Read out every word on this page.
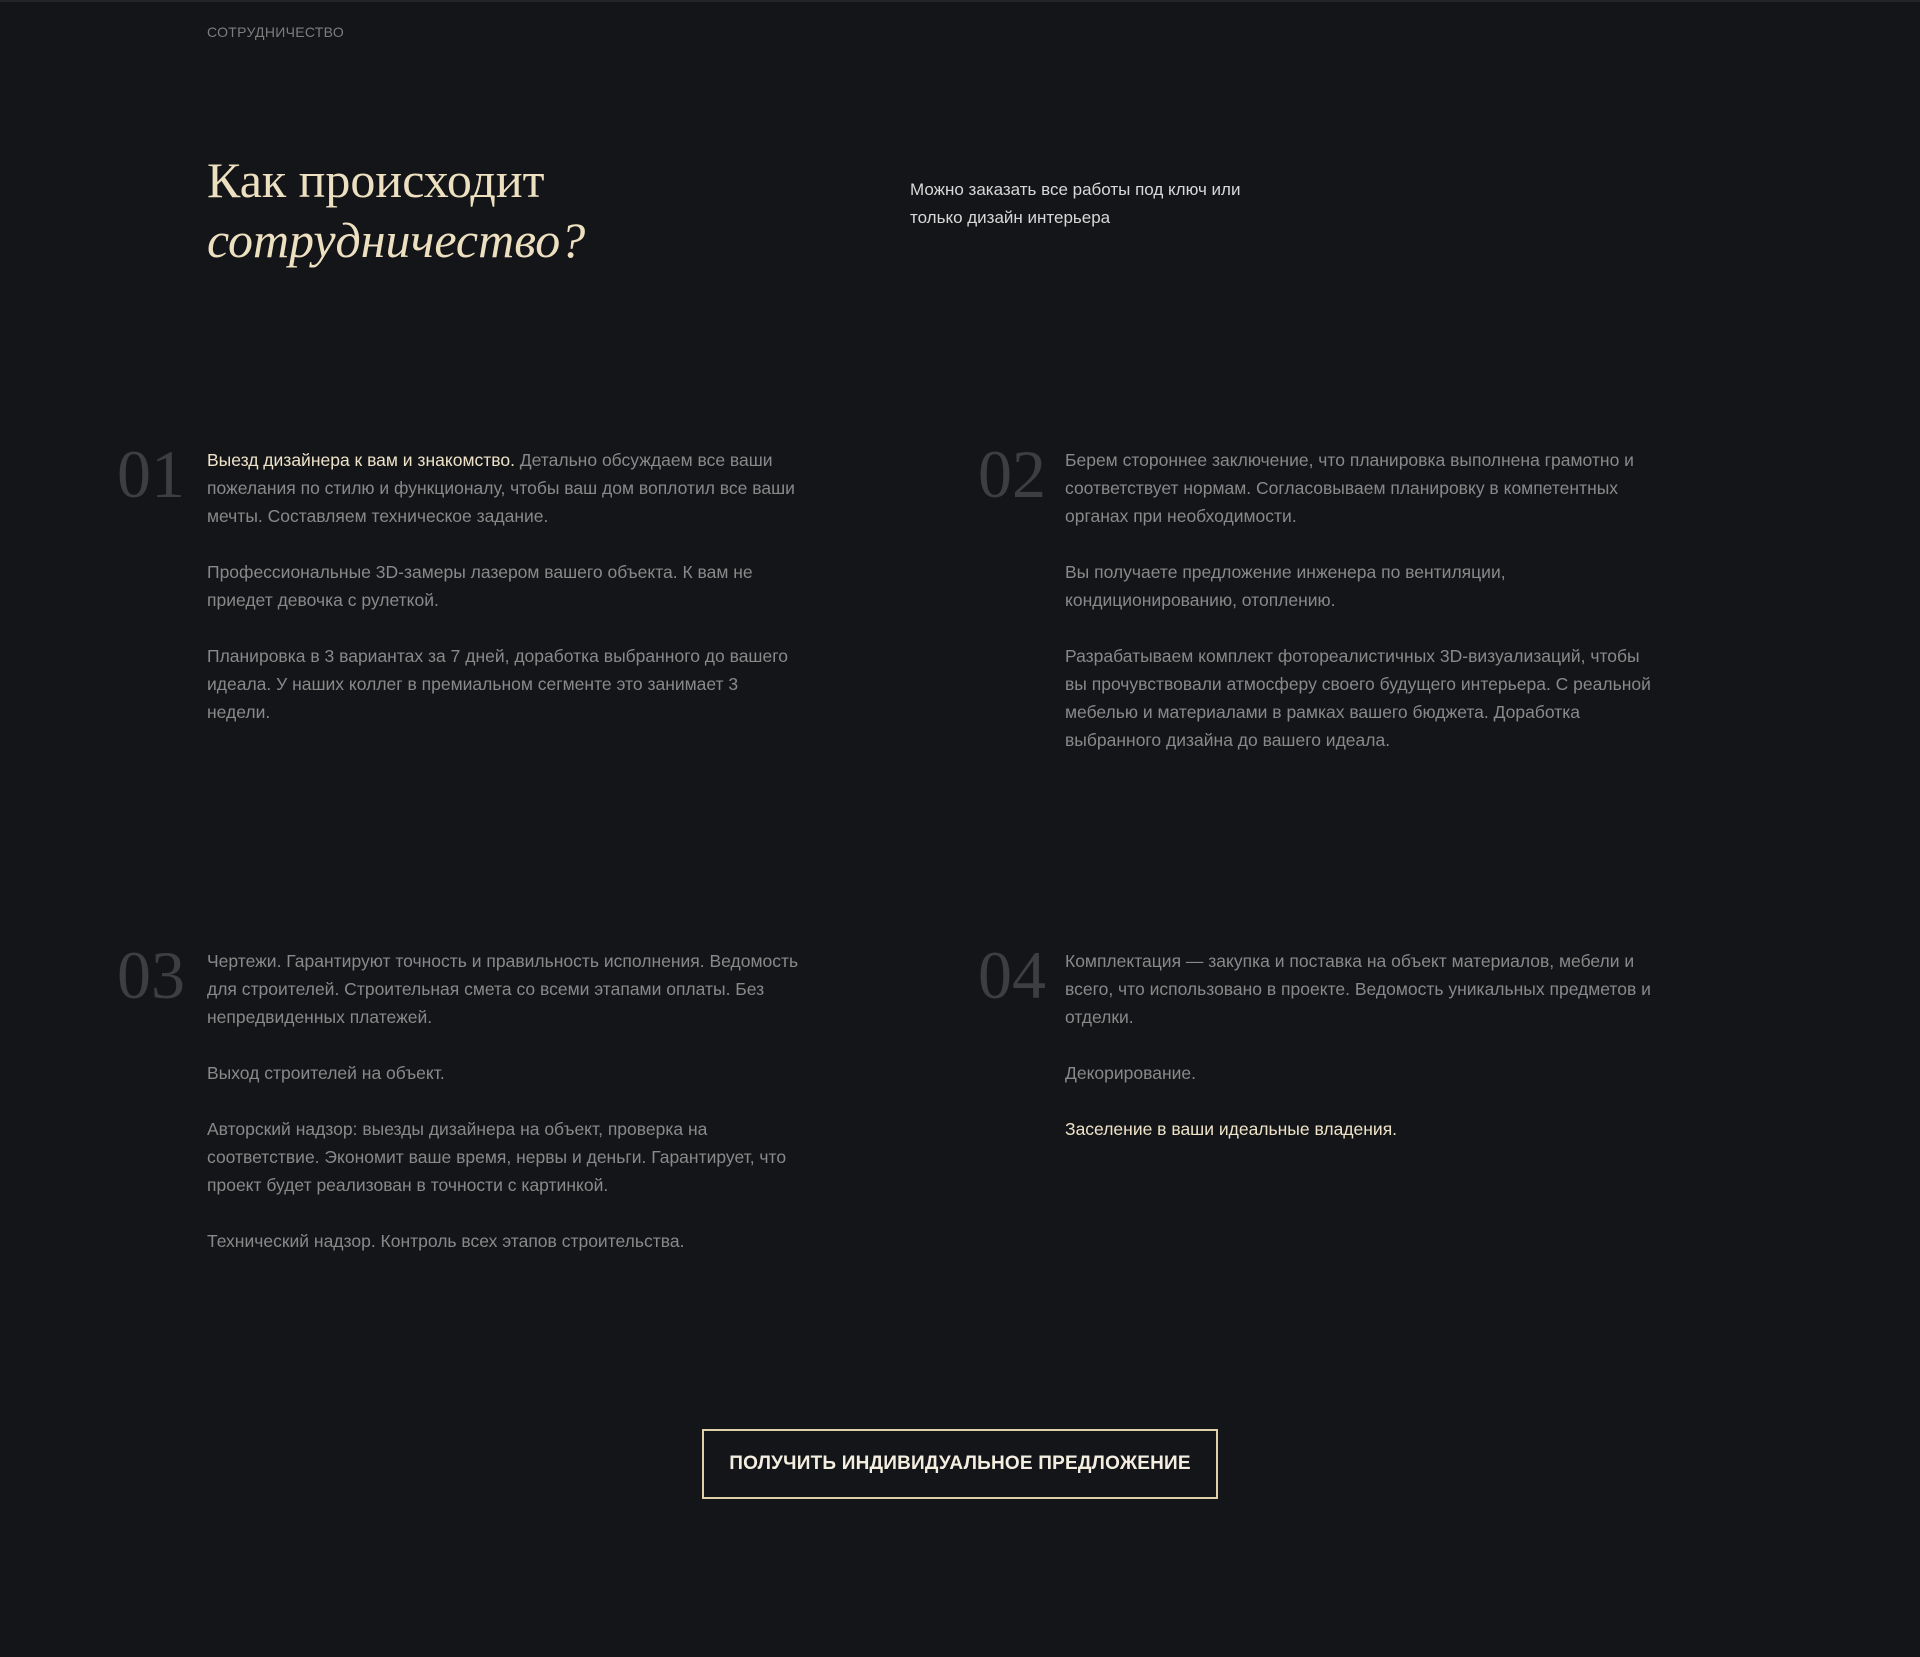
СОТРУДНИЧЕСТВО
Как происходит
сотрудничество?
Можно заказать все работы под ключ или только дизайн интерьера
01 Выезд дизайнера к вам и знакомство. Детально обсуждаем все ваши пожелания по стилю и функционалу, чтобы ваш дом воплотил все ваши мечты. Составляем техническое задание.

Профессиональные 3D-замеры лазером вашего объекта. К вам не приедет девочка с рулеткой.

Планировка в 3 вариантах за 7 дней, доработка выбранного до вашего идеала. У наших коллег в премиальном сегменте это занимает 3 недели.

02 Берем стороннее заключение, что планировка выполнена грамотно и соответствует нормам. Согласовываем планировку в компетентных органах при необходимости.

Вы получаете предложение инженера по вентиляции, кондиционированию, отоплению.

Разрабатываем комплект фотореалистичных 3D-визуализаций, чтобы вы прочувствовали атмосферу своего будущего интерьера. С реальной мебелью и материалами в рамках вашего бюджета. Доработка выбранного дизайна до вашего идеала.

03 Чертежи. Гарантируют точность и правильность исполнения. Ведомость для строителей. Строительная смета со всеми этапами оплаты. Без непредвиденных платежей.

Выход строителей на объект.

Авторский надзор: выезды дизайнера на объект, проверка на соответствие. Экономит ваше время, нервы и деньги. Гарантирует, что проект будет реализован в точности с картинкой.

Технический надзор. Контроль всех этапов строительства.

04 Комплектация — закупка и поставка на объект материалов, мебели и всего, что использовано в проекте. Ведомость уникальных предметов и отделки.

Декорирование.

Заселение в ваши идеальные владения.

ПОЛУЧИТЬ ИНДИВИДУАЛЬНОЕ ПРЕДЛОЖЕНИЕ
